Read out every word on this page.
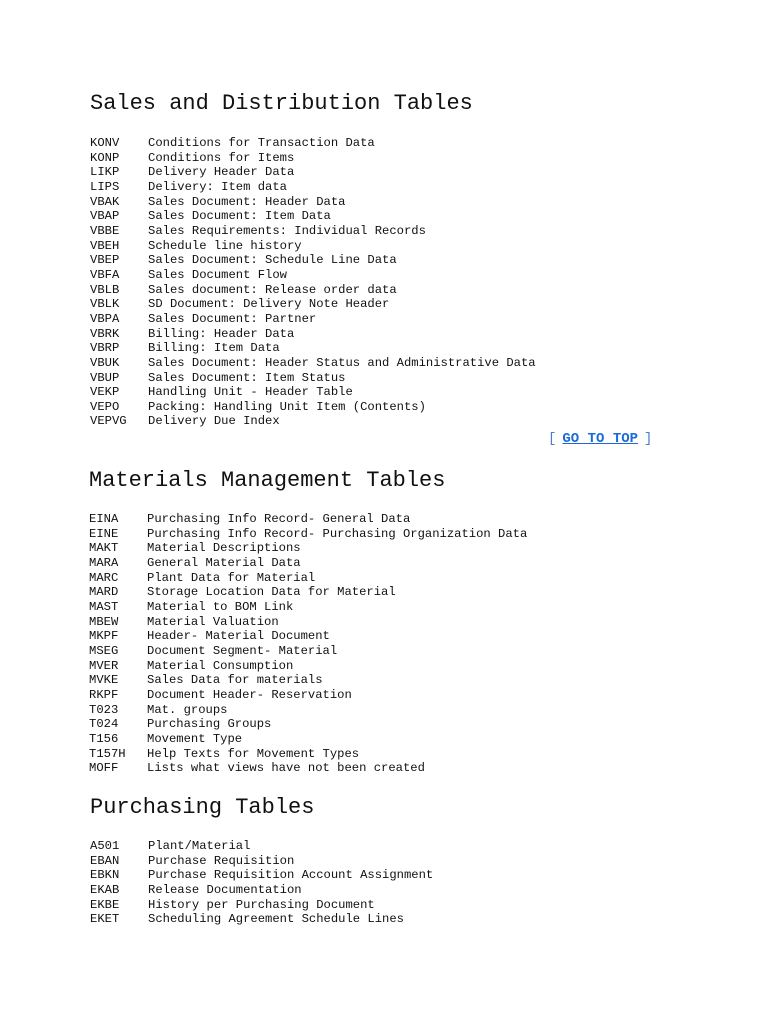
Sales and Distribution Tables
KONV	Conditions for Transaction Data
KONP	Conditions for Items
LIKP	Delivery Header Data
LIPS	Delivery: Item data
VBAK	Sales Document: Header Data
VBAP	Sales Document: Item Data
VBBE	Sales Requirements: Individual Records
VBEH	Schedule line history
VBEP	Sales Document: Schedule Line Data
VBFA	Sales Document Flow
VBLB	Sales document: Release order data
VBLK	SD Document: Delivery Note Header
VBPA	Sales Document: Partner
VBRK	Billing: Header Data
VBRP	Billing: Item Data
VBUK	Sales Document: Header Status and Administrative Data
VBUP	Sales Document: Item Status
VEKP	Handling Unit - Header Table
VEPO	Packing: Handling Unit Item (Contents)
VEPVG	Delivery Due Index
[ GO TO TOP ]
Materials Management Tables
EINA	Purchasing Info Record- General Data
EINE	Purchasing Info Record- Purchasing Organization Data
MAKT	Material Descriptions
MARA	General Material Data
MARC	Plant Data for Material
MARD	Storage Location Data for Material
MAST	Material to BOM Link
MBEW	Material Valuation
MKPF	Header- Material Document
MSEG	Document Segment- Material
MVER	Material Consumption
MVKE	Sales Data for materials
RKPF	Document Header- Reservation
T023	Mat. groups
T024	Purchasing Groups
T156	Movement Type
T157H	Help Texts for Movement Types
MOFF	Lists what views have not been created
Purchasing Tables
A501	Plant/Material
EBAN	Purchase Requisition
EBKN	Purchase Requisition Account Assignment
EKAB	Release Documentation
EKBE	History per Purchasing Document
EKET	Scheduling Agreement Schedule Lines
